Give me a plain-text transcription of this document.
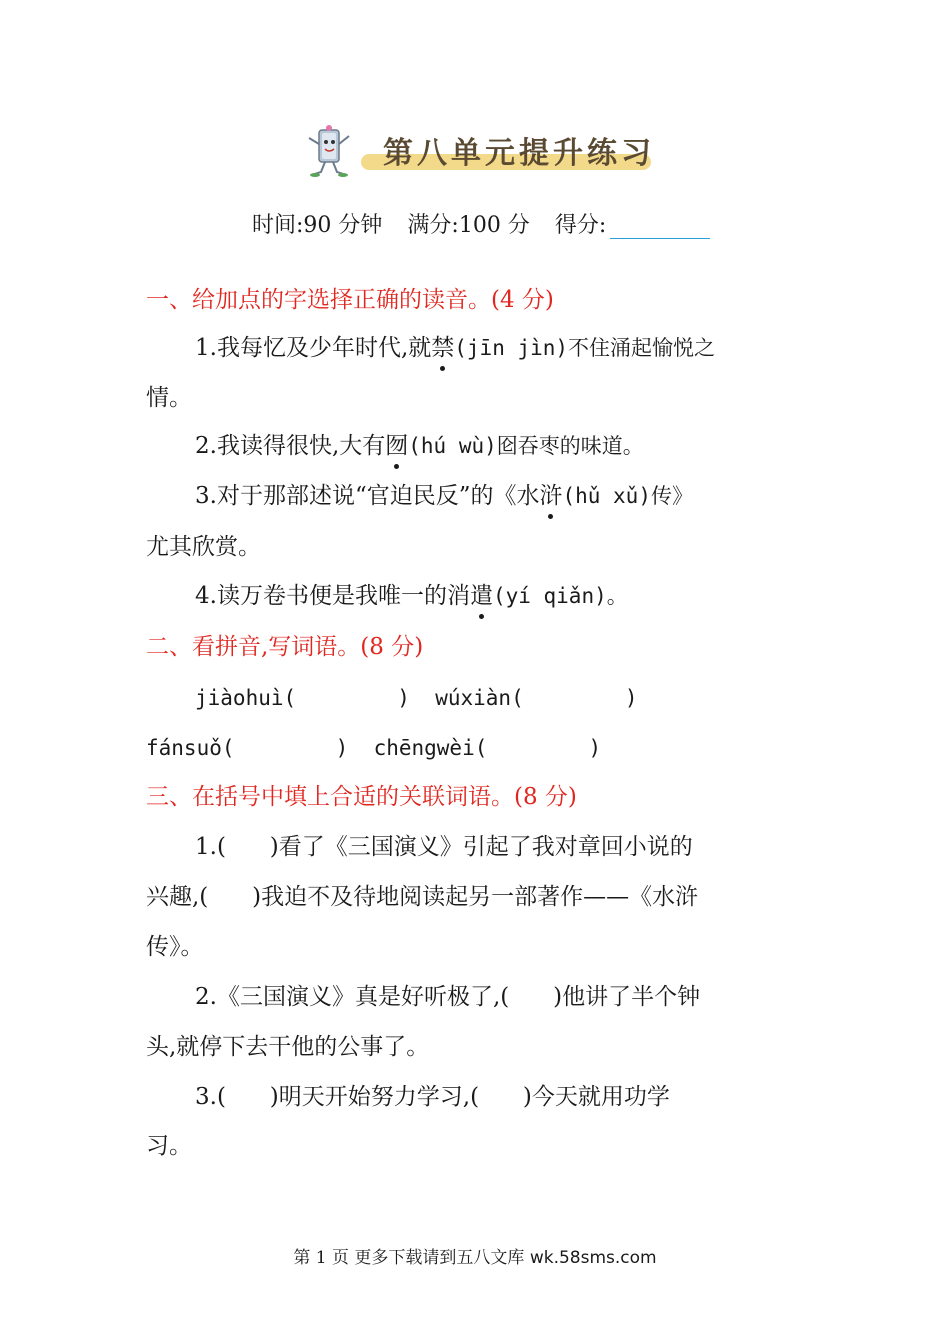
第八单元提升练习
时间:90 分钟 满分:100 分 得分:
一、给加点的字选择正确的读音。(4 分)
1.我每忆及少年时代,就禁(jīn jìn)不住涌起愉悦之
情。
2.我读得很快,大有囫(hú wù)囵吞枣的味道。
3.对于那部述说“官迫民反”的《水浒(hǔ xǔ)传》
尤其欣赏。
4.读万卷书便是我唯一的消遣(yí qiǎn)。
二、看拼音,写词语。(8 分)
jiàohuì(        )  wúxiàn(        )
fánsuǒ(        )  chēngwèi(        )
三、在括号中填上合适的关联词语。(8 分)
1.(      )看了《三国演义》引起了我对章回小说的
兴趣,(      )我迫不及待地阅读起另一部著作——《水浒
传》。
2.《三国演义》真是好听极了,(      )他讲了半个钟
头,就停下去干他的公事了。
3.(      )明天开始努力学习,(      )今天就用功学
习。
第 1 页 更多下载请到五八文库 wk.58sms.com
